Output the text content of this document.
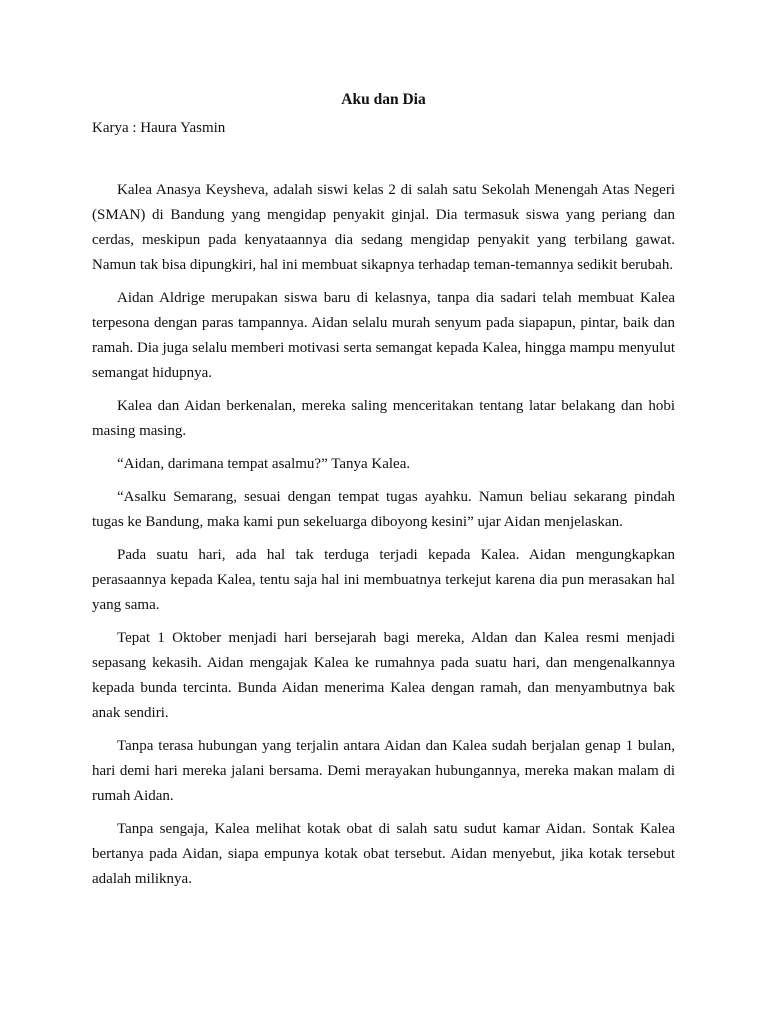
Aku dan Dia
Karya : Haura Yasmin

Kalea Anasya Keysheva, adalah siswi kelas 2 di salah satu Sekolah Menengah Atas Negeri (SMAN) di Bandung yang mengidap penyakit ginjal. Dia termasuk siswa yang periang dan cerdas, meskipun pada kenyataannya dia sedang mengidap penyakit yang terbilang gawat. Namun tak bisa dipungkiri, hal ini membuat sikapnya terhadap teman-temannya sedikit berubah.

Aidan Aldrige merupakan siswa baru di kelasnya, tanpa dia sadari telah membuat Kalea terpesona dengan paras tampannya. Aidan selalu murah senyum pada siapapun, pintar, baik dan ramah. Dia juga selalu memberi motivasi serta semangat kepada Kalea, hingga mampu menyulut semangat hidupnya.

Kalea dan Aidan berkenalan, mereka saling menceritakan tentang latar belakang dan hobi masing masing.

“Aidan, darimana tempat asalmu?” Tanya Kalea.

“Asalku Semarang, sesuai dengan tempat tugas ayahku. Namun beliau sekarang pindah tugas ke Bandung, maka kami pun sekeluarga diboyong kesini” ujar Aidan menjelaskan.

Pada suatu hari, ada hal tak terduga terjadi kepada Kalea. Aidan mengungkapkan perasaannya kepada Kalea, tentu saja hal ini membuatnya terkejut karena dia pun merasakan hal yang sama.

Tepat 1 Oktober menjadi hari bersejarah bagi mereka, Aldan dan Kalea resmi menjadi sepasang kekasih. Aidan mengajak Kalea ke rumahnya pada suatu hari, dan mengenalkannya kepada bunda tercinta. Bunda Aidan menerima Kalea dengan ramah, dan menyambutnya bak anak sendiri.

Tanpa terasa hubungan yang terjalin antara Aidan dan Kalea sudah berjalan genap 1 bulan, hari demi hari mereka jalani bersama. Demi merayakan hubungannya, mereka makan malam di rumah Aidan.

Tanpa sengaja, Kalea melihat kotak obat di salah satu sudut kamar Aidan. Sontak Kalea bertanya pada Aidan, siapa empunya kotak obat tersebut. Aidan menyebut, jika kotak tersebut adalah miliknya.
